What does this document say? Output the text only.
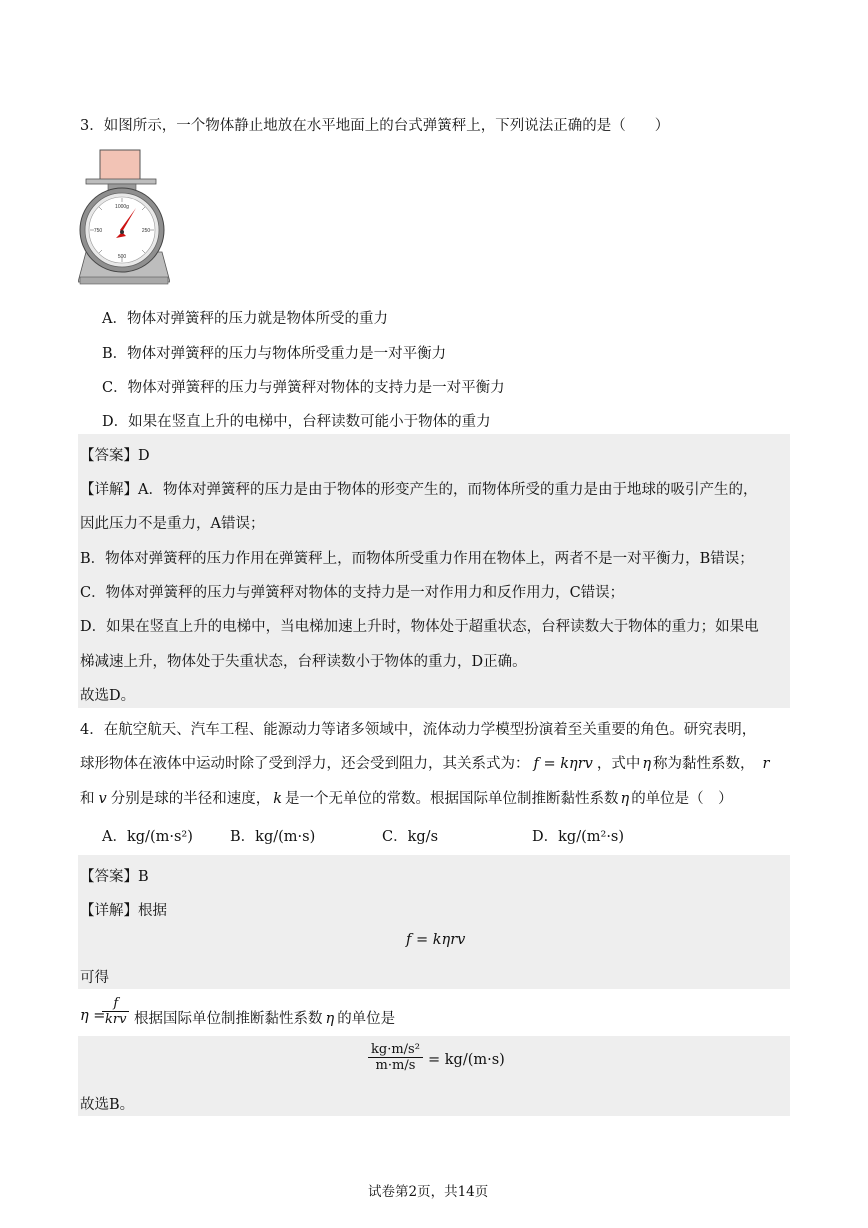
3．如图所示，一个物体静止地放在水平地面上的台式弹簧秤上，下列说法正确的是（　　）
1000g
500
750	250
A．物体对弹簧秤的压力就是物体所受的重力
B．物体对弹簧秤的压力与物体所受重力是一对平衡力
C．物体对弹簧秤的压力与弹簧秤对物体的支持力是一对平衡力
D．如果在竖直上升的电梯中，台秤读数可能小于物体的重力
【答案】D
【详解】A．物体对弹簧秤的压力是由于物体的形变产生的，而物体所受的重力是由于地球的吸引产生的，
因此压力不是重力，A错误；
B．物体对弹簧秤的压力作用在弹簧秤上，而物体所受重力作用在物体上，两者不是一对平衡力，B错误；
C．物体对弹簧秤的压力与弹簧秤对物体的支持力是一对作用力和反作用力，C错误；
D．如果在竖直上升的电梯中，当电梯加速上升时，物体处于超重状态，台秤读数大于物体的重力；如果电
梯减速上升，物体处于失重状态，台秤读数小于物体的重力，D正确。
故选D。
4．在航空航天、汽车工程、能源动力等诸多领域中，流体动力学模型扮演着至关重要的角色。研究表明，
球形物体在液体中运动时除了受到浮力，还会受到阻力，其关系式为： f = kηrv ，式中 η 称为黏性系数， r
和 v 分别是球的半径和速度， k 是一个无单位的常数。根据国际单位制推断黏性系数 η 的单位是（　）
A．kg/(m·s²)	B．kg/(m·s)	C．kg/s	D．kg/(m²·s)
【答案】B
【详解】根据
f = kηrv
可得
η =
f
krv 根据国际单位制推断黏性系数 η 的单位是
$\frac{\text{kg·m/s²}}{m\cdot m/s} = kg/(m\cdot s)$
故选B。
试卷第2页，共14页
